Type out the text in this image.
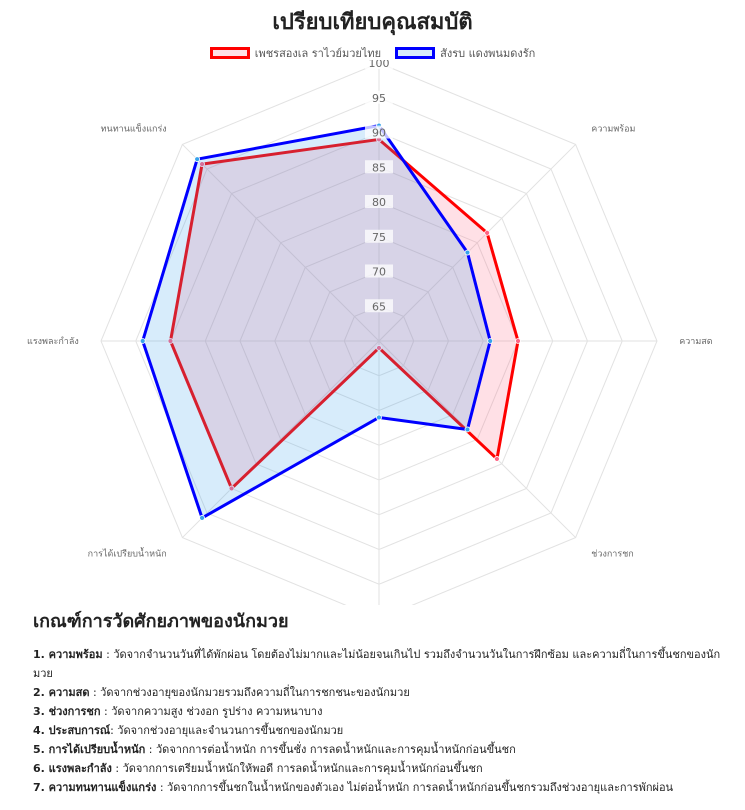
เปรียบเทียบคุณสมบัติ
เพชรสองเล ราไวย์มวยไทย	สังรบ แดงพนมดงรัก
65
70
75
80
85
90
95
100
ความพร้อม
ความสด
ช่วงการชก
การได้เปรียบน้ำหนัก
แรงพละกำลัง
ทนทานแข็งแกร่ง
เกณฑ์การวัดศักยภาพของนักมวย

1. ความพร้อม : วัดจากจำนวนวันที่ได้พักผ่อน โดยต้องไม่มากและไม่น้อยจนเกินไป รวมถึงจำนวนวันในการฝึกซ้อม และความถี่ในการขึ้นชกของนักมวย

2. ความสด : วัดจากช่วงอายุของนักมวยรวมถึงความถี่ในการชกชนะของนักมวย

3. ช่วงการชก : วัดจากความสูง ช่วงอก รูปร่าง ความหนาบาง

4. ประสบการณ์: วัดจากช่วงอายุและจำนวนการขึ้นชกของนักมวย

5. การได้เปรียบน้ำหนัก : วัดจากการต่อน้ำหนัก การขึ้นชั่ง การลดน้ำหนักและการคุมน้ำหนักก่อนขึ้นชก

6. แรงพละกำลัง : วัดจากการเตรียมน้ำหนักให้พอดี การลดน้ำหนักและการคุมน้ำหนักก่อนขึ้นชก

7. ความทนทานแข็งแกร่ง : วัดจากการขึ้นชกในน้ำหนักของตัวเอง ไม่ต่อน้ำหนัก การลดน้ำหนักก่อนขึ้นชกรวมถึงช่วงอายุและการพักผ่อน
